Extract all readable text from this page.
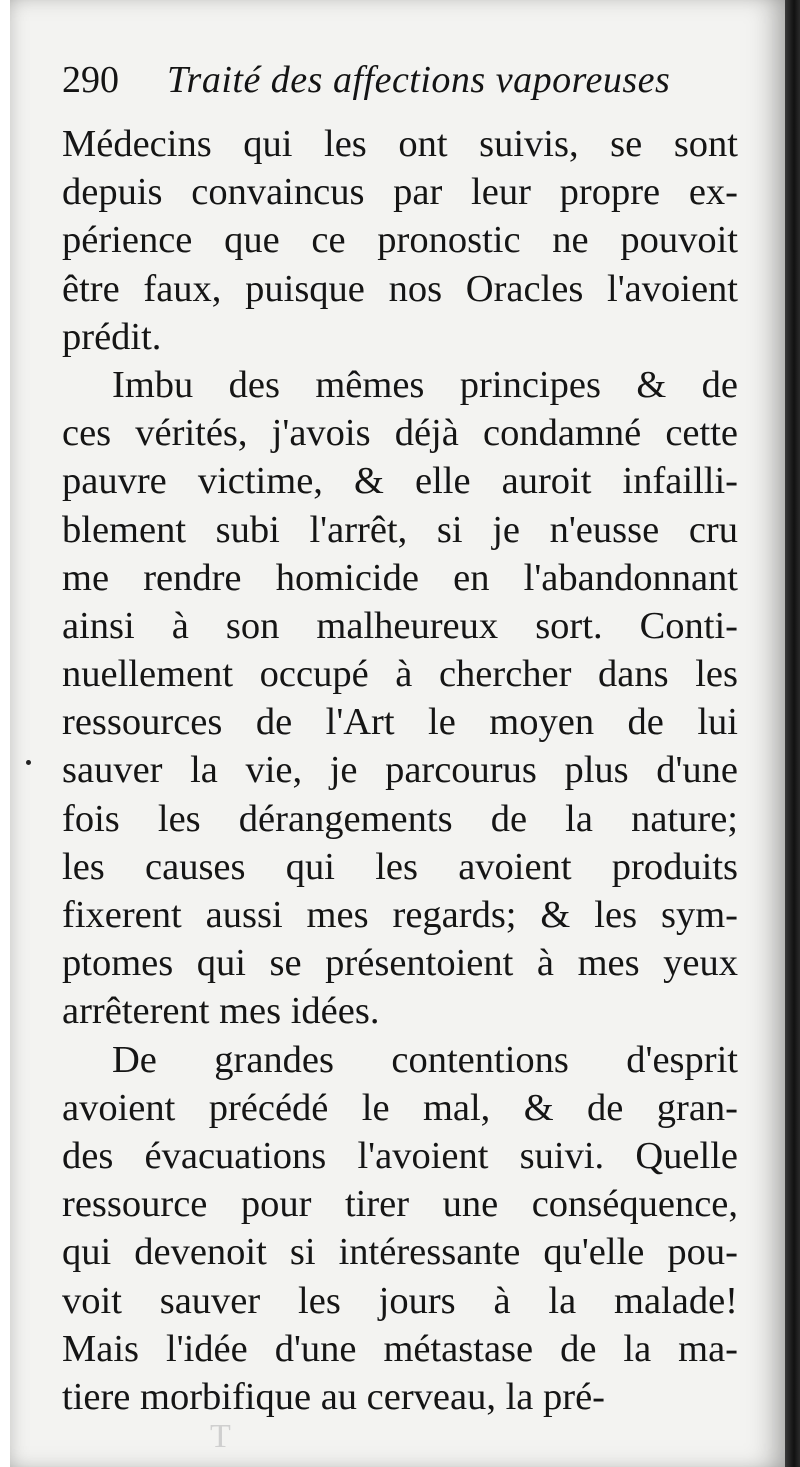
290 Traité des affections vaporeuses
Médecins qui les ont suivis, se sont
depuis convaincus par leur propre ex-
périence que ce pronostic ne pouvoit
être faux, puisque nos Oracles l'avoient
prédit.
Imbu des mêmes principes & de
ces vérités, j'avois déjà condamné cette
pauvre victime, & elle auroit infailli-
blement subi l'arrêt, si je n'eusse cru
me rendre homicide en l'abandonnant
ainsi à son malheureux sort. Conti-
nuellement occupé à chercher dans les
ressources de l'Art le moyen de lui
sauver la vie, je parcourus plus d'une
fois les dérangements de la nature;
les causes qui les avoient produits
fixerent aussi mes regards; & les sym-
ptomes qui se présentoient à mes yeux
arrêterent mes idées.
De grandes contentions d'esprit
avoient précédé le mal, & de gran-
des évacuations l'avoient suivi. Quelle
ressource pour tirer une conséquence,
qui devenoit si intéressante qu'elle pou-
voit sauver les jours à la malade!
Mais l'idée d'une métastase de la ma-
tiere morbifique au cerveau, la pré-
T
